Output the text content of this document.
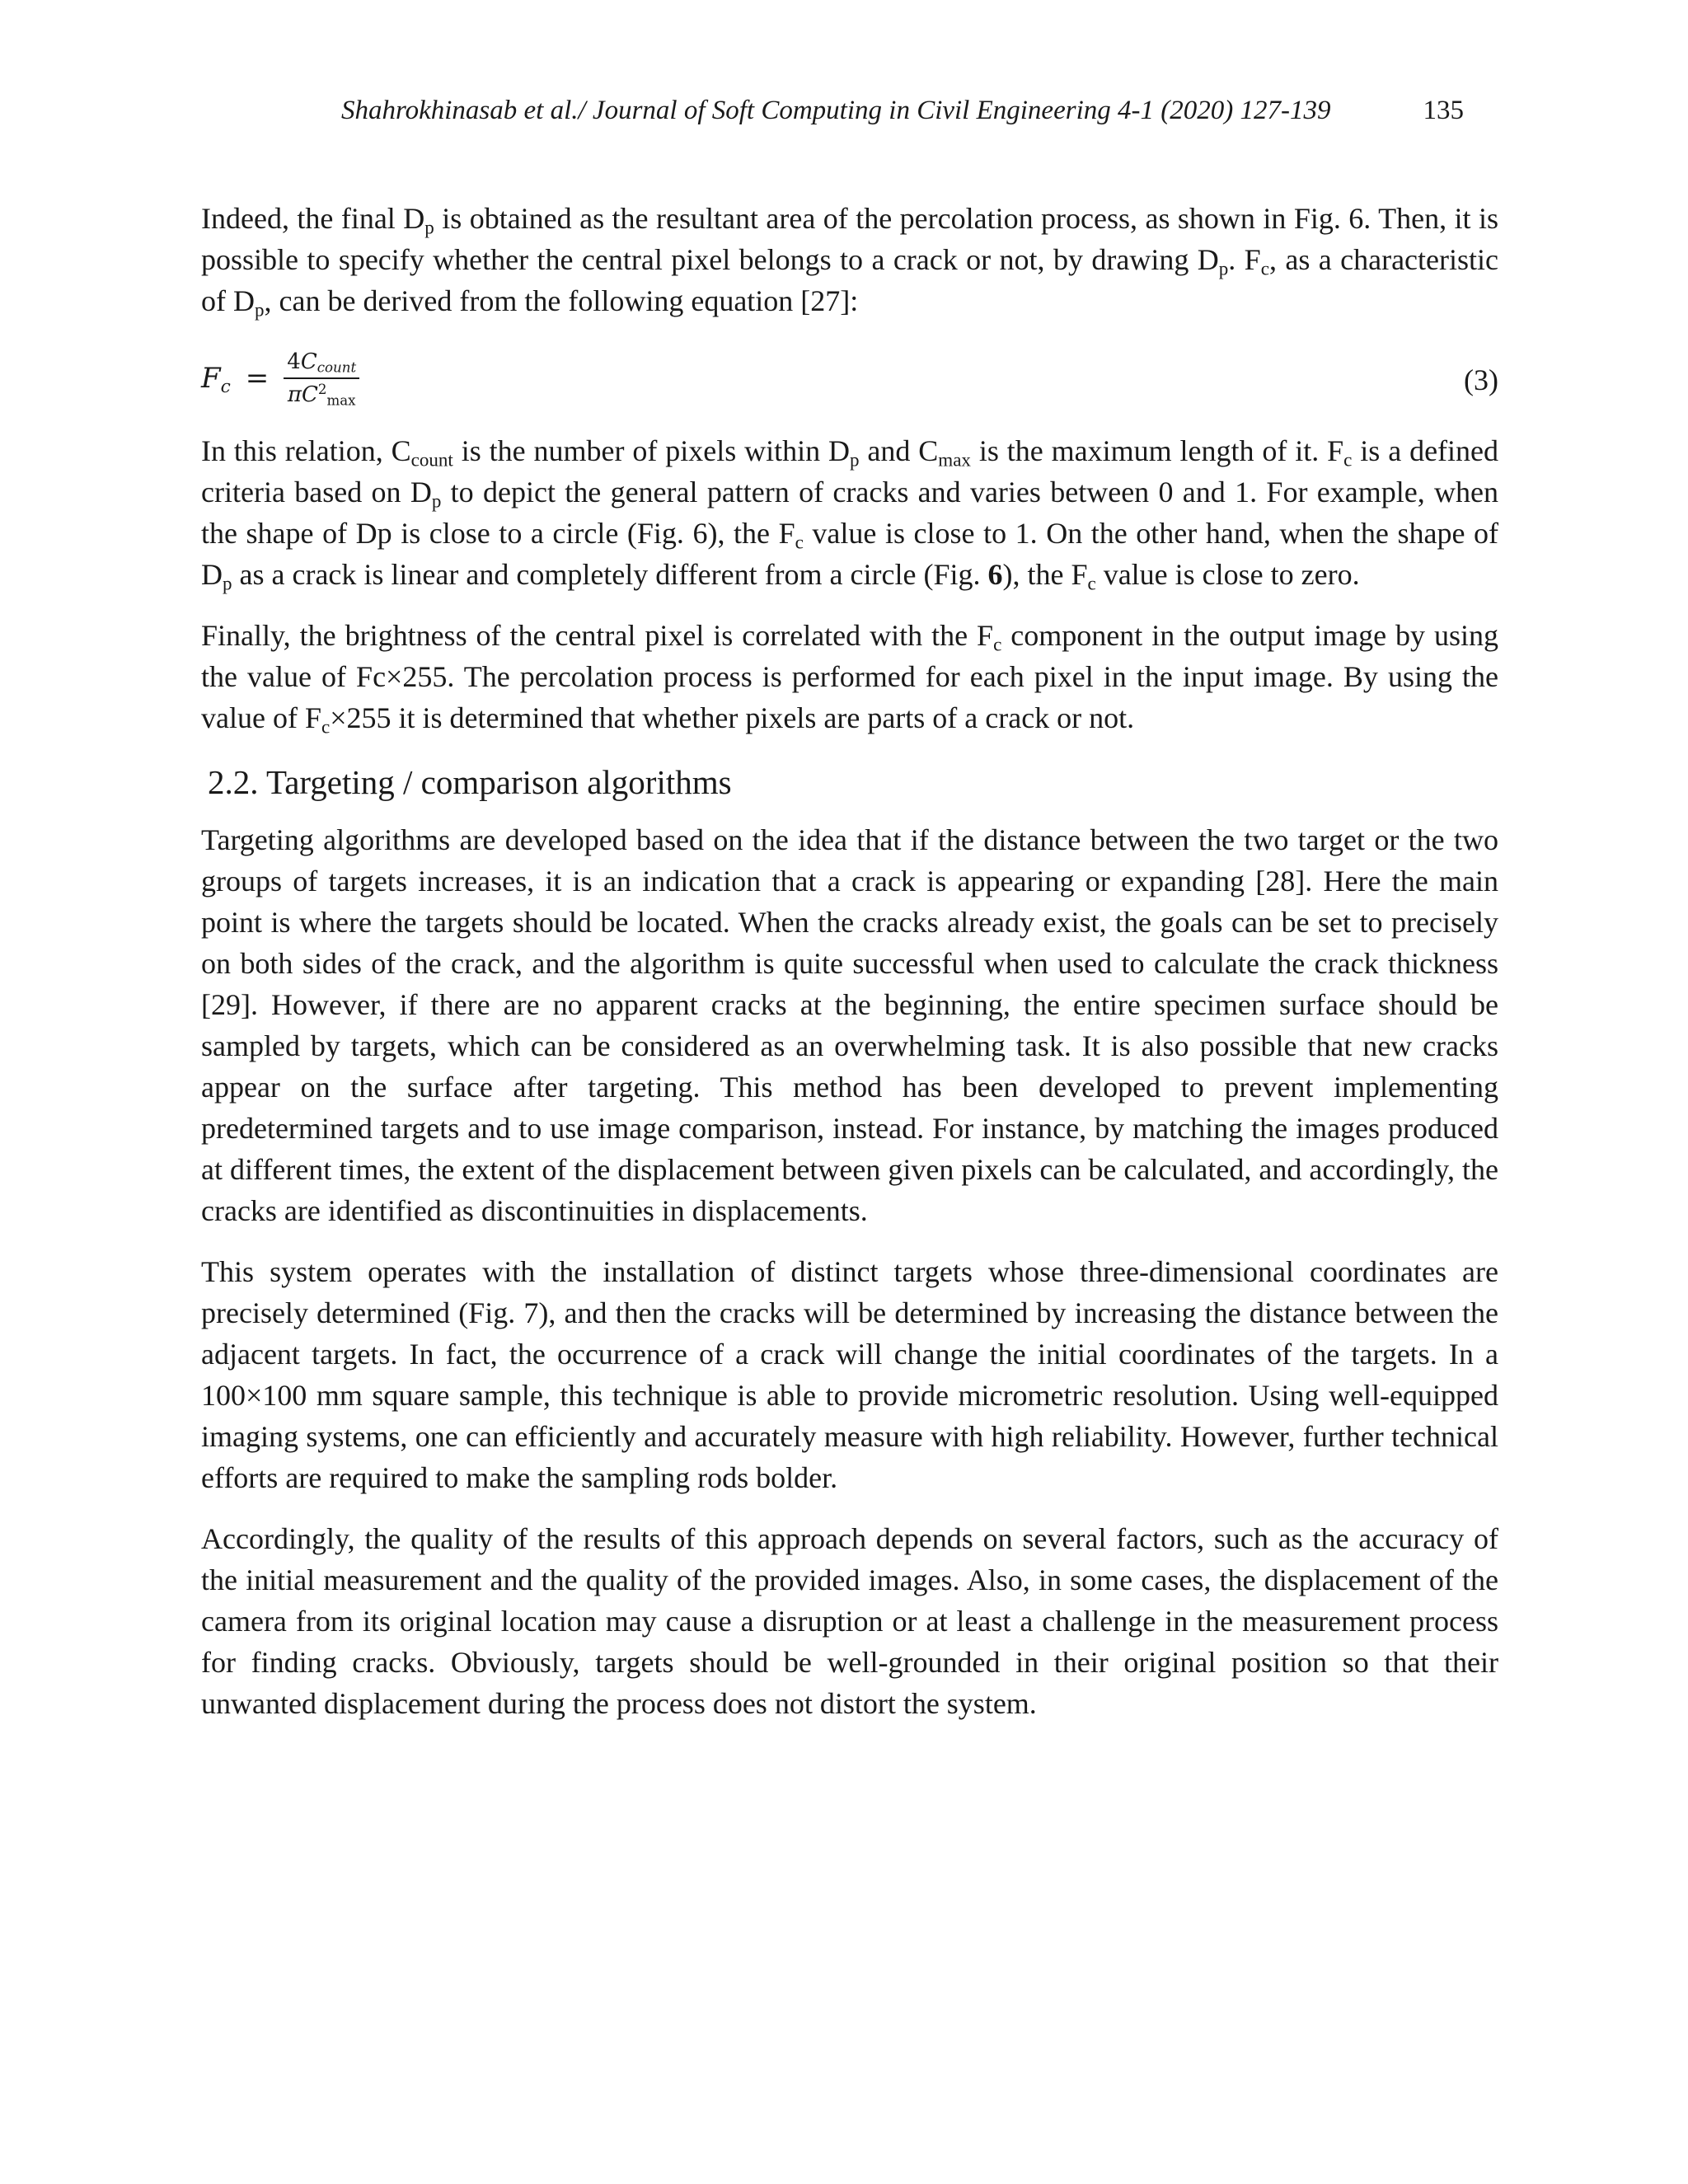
Shahrokhinasab et al./ Journal of Soft Computing in Civil Engineering 4-1 (2020) 127-139	135

Indeed, the final $D_p$ is obtained as the resultant area of the percolation process, as shown in Fig. 6. Then, it is possible to specify whether the central pixel belongs to a crack or not, by drawing $D_p$. $F_c$, as a characteristic of $D_p$, can be derived from the following equation [27]:

$F_c = \frac{4C_{count}}{\pi C^2_{max}}$	(3)

In this relation, $C_{count}$ is the number of pixels within $D_p$ and $C_{max}$ is the maximum length of it. $F_c$ is a defined criteria based on $D_p$ to depict the general pattern of cracks and varies between 0 and 1. For example, when the shape of Dp is close to a circle (Fig. 6), the $F_c$ value is close to 1. On the other hand, when the shape of $D_p$ as a crack is linear and completely different from a circle (Fig. 6), the $F_c$ value is close to zero.

Finally, the brightness of the central pixel is correlated with the $F_c$ component in the output image by using the value of Fc×255. The percolation process is performed for each pixel in the input image. By using the value of $F_c\times 255$ it is determined that whether pixels are parts of a crack or not.

2.2. Targeting / comparison algorithms

Targeting algorithms are developed based on the idea that if the distance between the two target or the two groups of targets increases, it is an indication that a crack is appearing or expanding [28]. Here the main point is where the targets should be located. When the cracks already exist, the goals can be set to precisely on both sides of the crack, and the algorithm is quite successful when used to calculate the crack thickness [29]. However, if there are no apparent cracks at the beginning, the entire specimen surface should be sampled by targets, which can be considered as an overwhelming task. It is also possible that new cracks appear on the surface after targeting. This method has been developed to prevent implementing predetermined targets and to use image comparison, instead. For instance, by matching the images produced at different times, the extent of the displacement between given pixels can be calculated, and accordingly, the cracks are identified as discontinuities in displacements.

This system operates with the installation of distinct targets whose three-dimensional coordinates are precisely determined (Fig. 7), and then the cracks will be determined by increasing the distance between the adjacent targets. In fact, the occurrence of a crack will change the initial coordinates of the targets. In a 100×100 mm square sample, this technique is able to provide micrometric resolution. Using well-equipped imaging systems, one can efficiently and accurately measure with high reliability. However, further technical efforts are required to make the sampling rods bolder.

Accordingly, the quality of the results of this approach depends on several factors, such as the accuracy of the initial measurement and the quality of the provided images. Also, in some cases, the displacement of the camera from its original location may cause a disruption or at least a challenge in the measurement process for finding cracks. Obviously, targets should be well-grounded in their original position so that their unwanted displacement during the process does not distort the system.
